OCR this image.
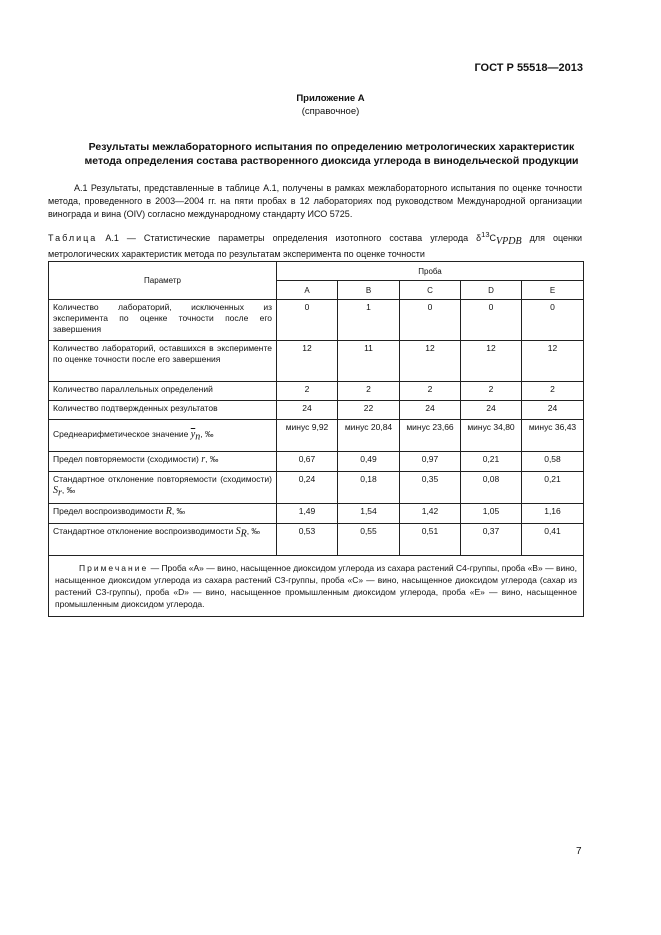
ГОСТ Р 55518—2013
Приложение А
(справочное)
Результаты межлабораторного испытания по определению метрологических характеристик
метода определения состава растворенного диоксида углерода в винодельческой продукции
А.1 Результаты, представленные в таблице А.1, получены в рамках межлабораторного испытания по оценке точности метода, проведенного в 2003—2004 гг. на пяти пробах в 12 лабораториях под руководством Международной организации винограда и вина (OIV) согласно международному стандарту ИСО 5725.
Таблица А.1 — Статистические параметры определения изотопного состава углерода $\delta^{13}C_{VPDB}$ для оценки метрологических характеристик метода по результатам эксперимента по оценке точности
Параметр	Проба				
	А	В	С	D	E
Количество лабораторий, исключенных из эксперимента по оценке точности после его завершения	0	1	0	0	0
Количество лабораторий, оставшихся в эксперименте по оценке точности после его завершения	12	11	12	12	12
Количество параллельных определений	2	2	2	2	2
Количество подтвержденных результатов	24	22	24	24	24
Среднеарифметическое значение $\overline{y}_п$, ‰	минус 9,92	минус 20,84	минус 23,66	минус 34,80	минус 36,43
Предел повторяемости (сходимости) r, ‰	0,67	0,49	0,97	0,21	0,58
Стандартное отклонение повторяемости (сходимости) $S_r$, ‰	0,24	0,18	0,35	0,08	0,21
Предел воспроизводимости R, ‰	1,49	1,54	1,42	1,05	1,16
Стандартное отклонение воспроизводимости $S_R$, ‰	0,53	0,55	0,51	0,37	0,41
Примечание — Проба «А» — вино, насыщенное диоксидом углерода из сахара растений С4-группы, проба «В» — вино, насыщенное диоксидом углерода из сахара растений С3-группы, проба «С» — вино, насыщенное диоксидом углерода (сахар из растений С3-группы), проба «D» — вино, насыщенное промышленным диоксидом углерода, проба «Е» — вино, насыщенное промышленным диоксидом углерода.					
7
